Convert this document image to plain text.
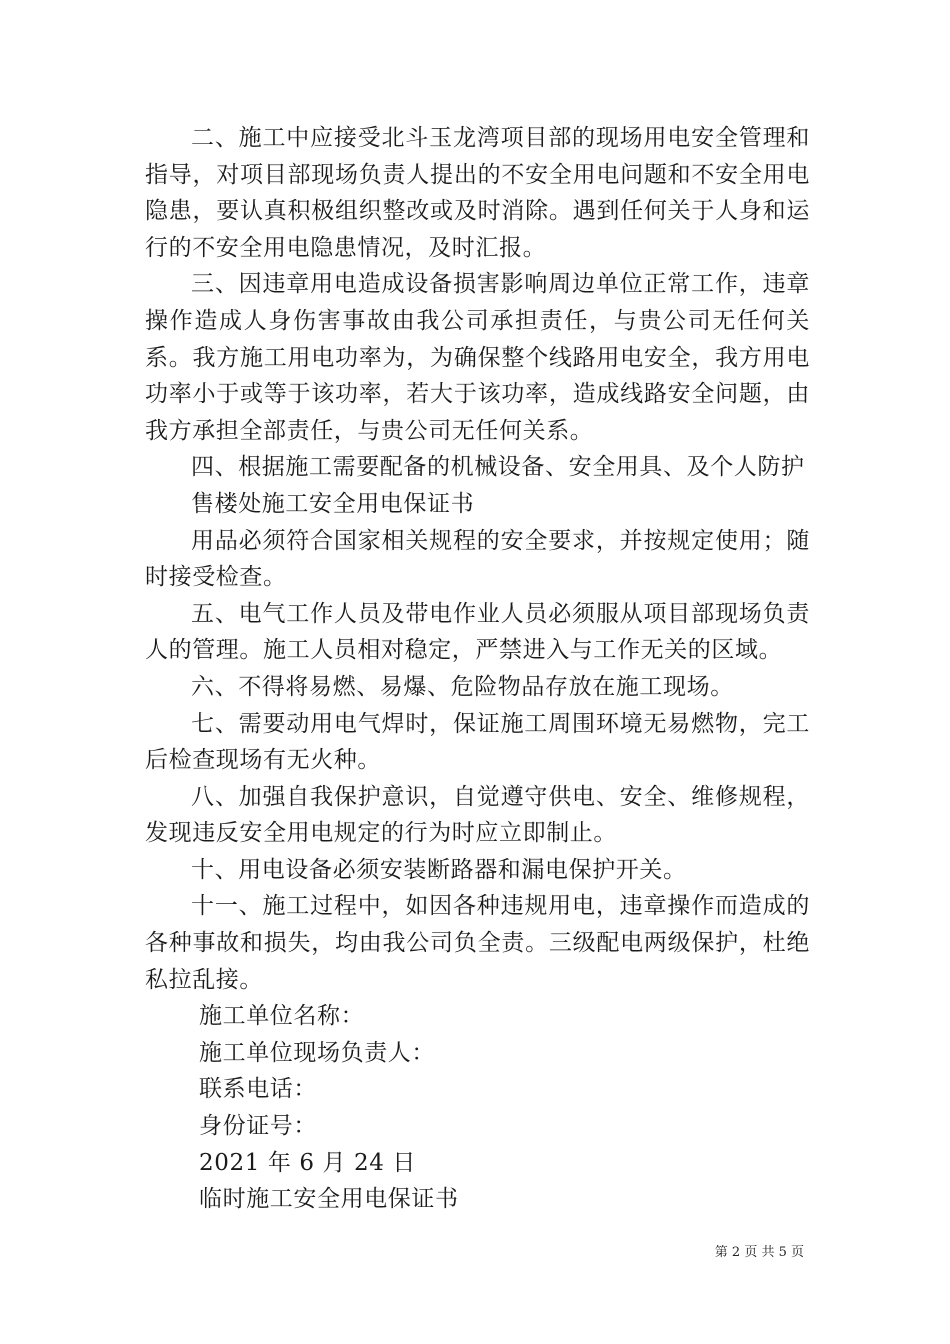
二、施工中应接受北斗玉龙湾项目部的现场用电安全管理和指导，对项目部现场负责人提出的不安全用电问题和不安全用电隐患，要认真积极组织整改或及时消除。遇到任何关于人身和运行的不安全用电隐患情况，及时汇报。

三、因违章用电造成设备损害影响周边单位正常工作，违章操作造成人身伤害事故由我公司承担责任，与贵公司无任何关系。我方施工用电功率为，为确保整个线路用电安全，我方用电功率小于或等于该功率，若大于该功率，造成线路安全问题，由我方承担全部责任，与贵公司无任何关系。

四、根据施工需要配备的机械设备、安全用具、及个人防护

售楼处施工安全用电保证书

用品必须符合国家相关规程的安全要求，并按规定使用；随时接受检查。

五、电气工作人员及带电作业人员必须服从项目部现场负责人的管理。施工人员相对稳定，严禁进入与工作无关的区域。

六、不得将易燃、易爆、危险物品存放在施工现场。

七、需要动用电气焊时，保证施工周围环境无易燃物，完工后检查现场有无火种。

八、加强自我保护意识，自觉遵守供电、安全、维修规程，发现违反安全用电规定的行为时应立即制止。

十、用电设备必须安装断路器和漏电保护开关。

十一、施工过程中，如因各种违规用电，违章操作而造成的各种事故和损失，均由我公司负全责。三级配电两级保护，杜绝私拉乱接。

施工单位名称：

施工单位现场负责人：

联系电话：

身份证号：

2021 年 6 月 24 日

临时施工安全用电保证书

第 2 页 共 5 页
